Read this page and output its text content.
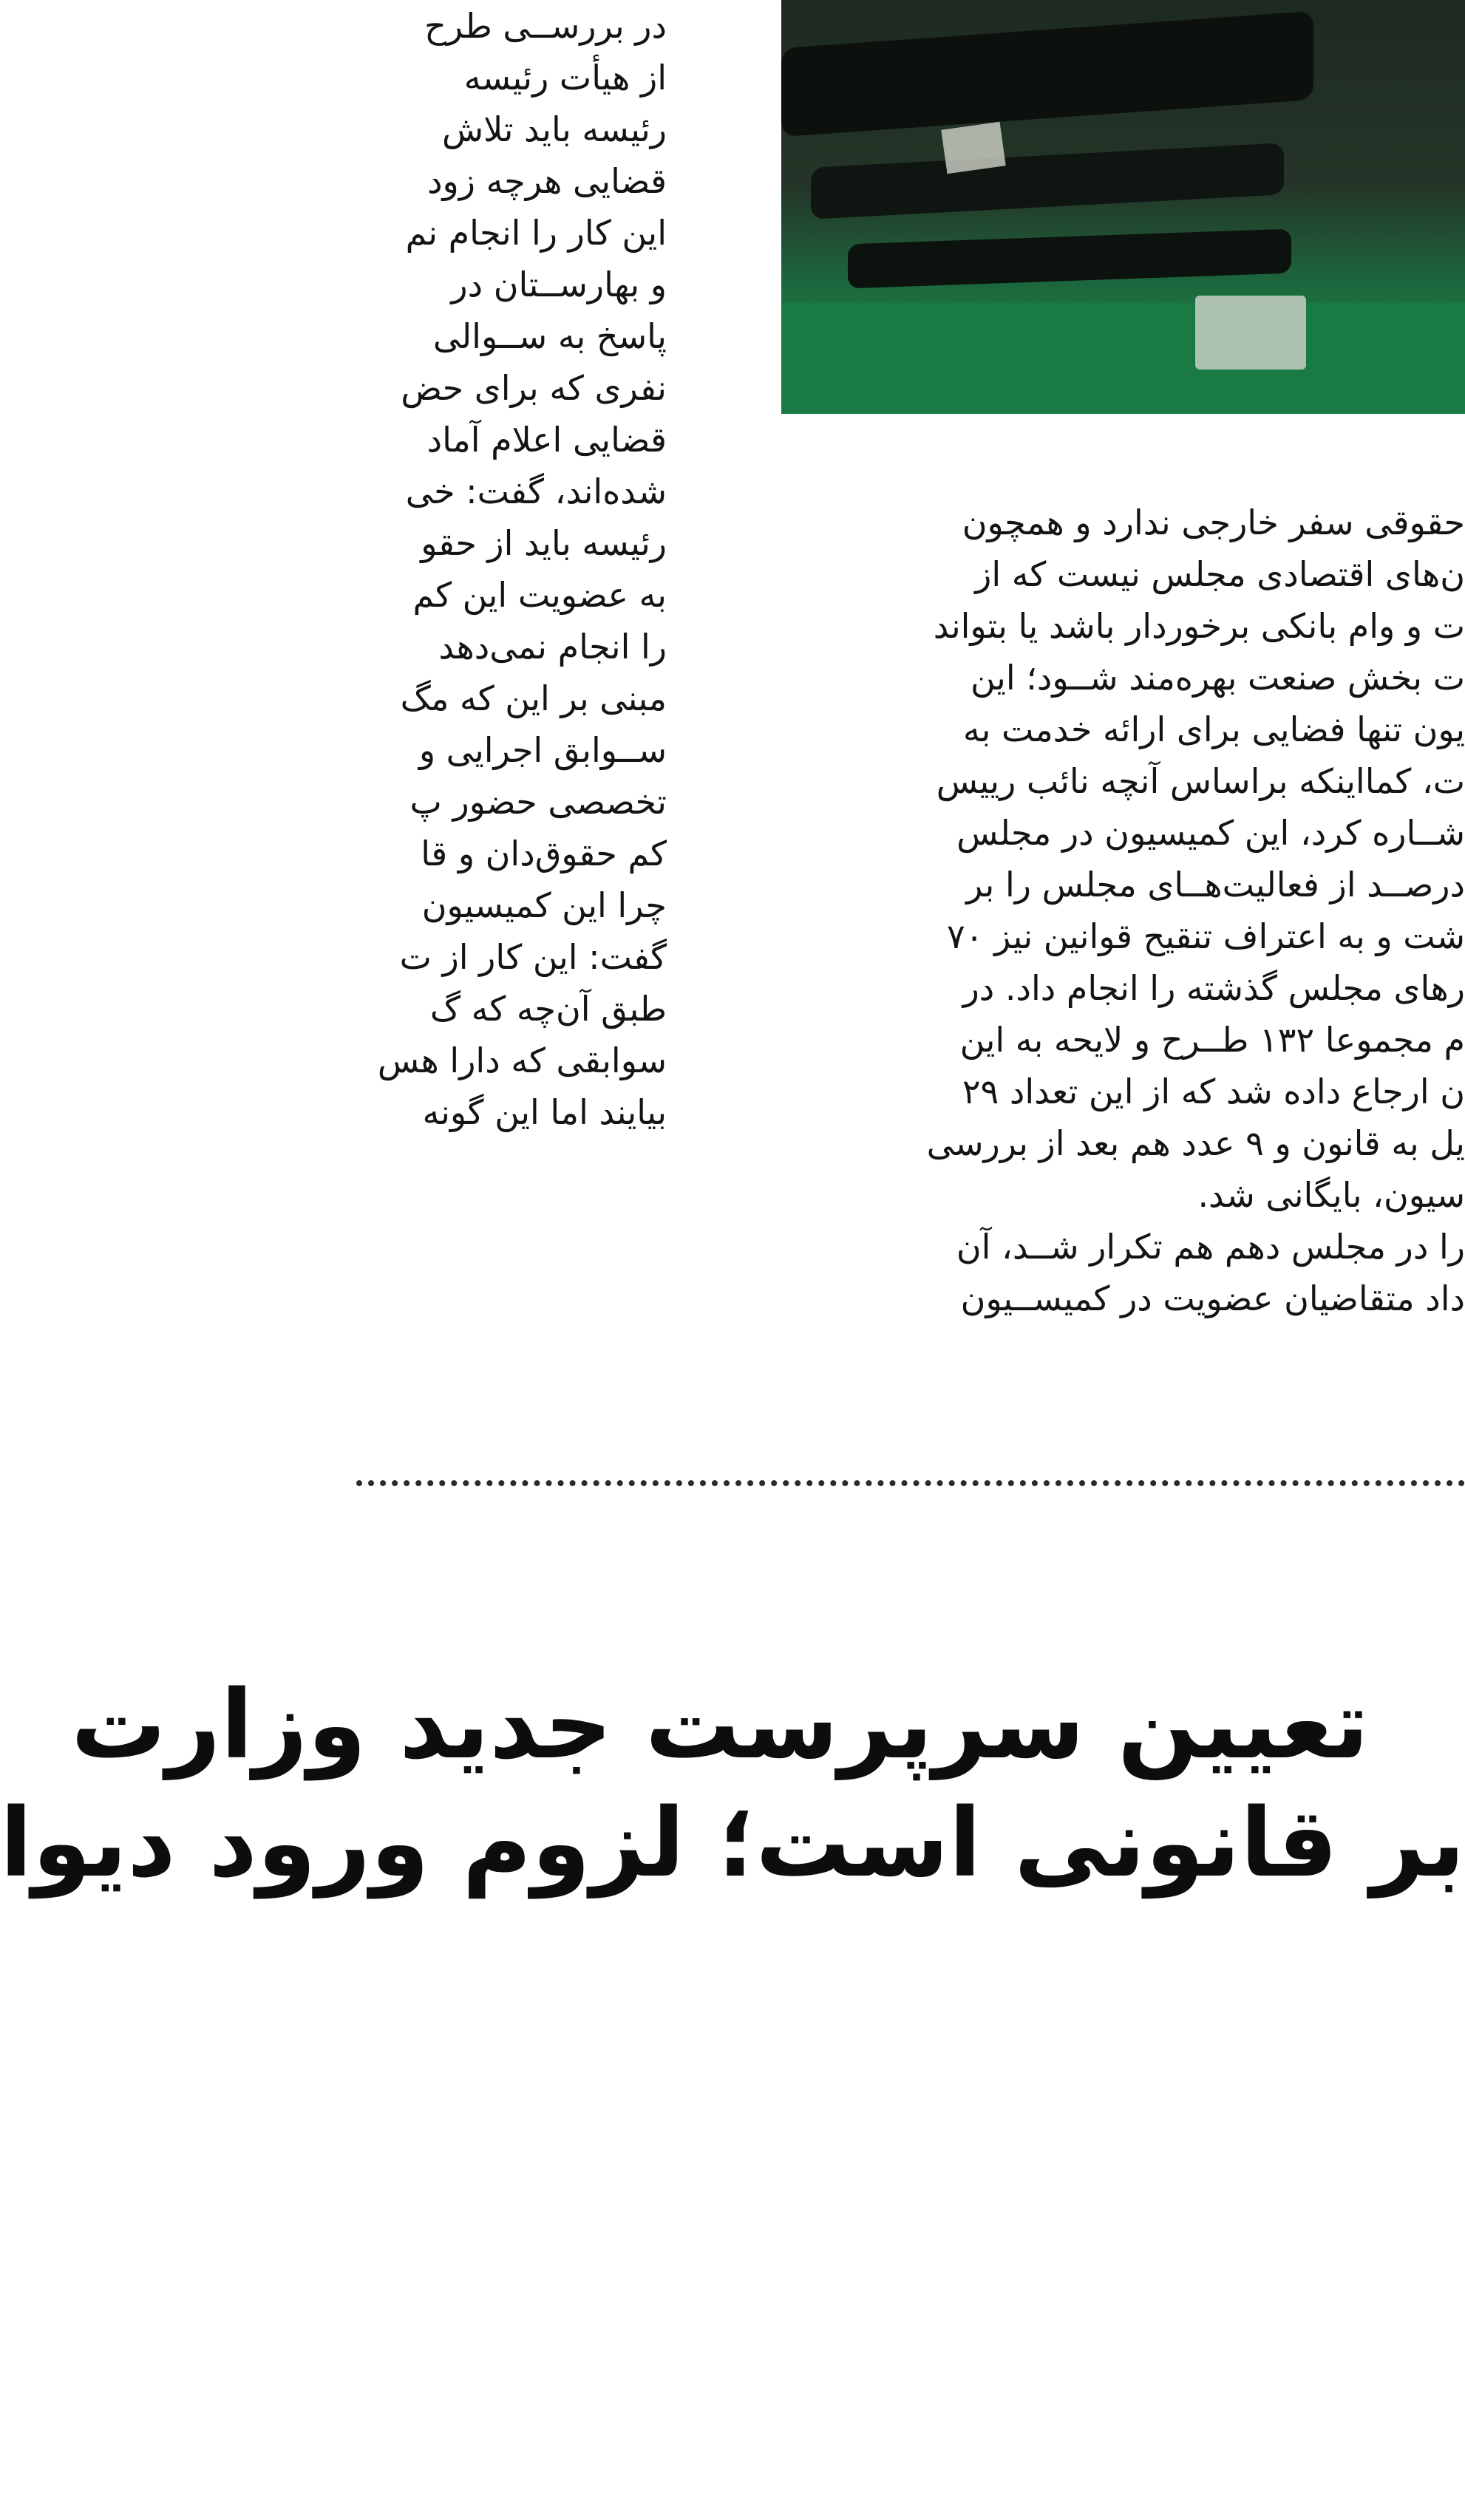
در بررســی طرح
از هیأت رئیسه
رئیسه باید تلاش
قضایی هرچه زود
این کار را انجام نم
و بهارســتان در
پاسخ به ســوالی
نفری که برای حض
قضایی اعلام آماد
شده‌اند، گفت: خی
رئیسه باید از حقو
به عضویت این کم
را انجام نمی‌دهد
مبنی بر این که مگ
ســوابق اجرایی و
تخصصی حضور پ
کم حقوق‌دان و قا
چرا این کمیسیون
گفت: این کار از ت
طبق آن‌چه که گ
سوابقی که دارا هس
بیایند اما این گونه
حقوقی سفر خارجی ندارد و همچون
ن‌های اقتصادی مجلس نیست که از
ت و وام بانکی برخوردار باشد یا بتواند
ت بخش صنعت بهره‌مند شــود؛ این
یون تنها فضایی برای ارائه خدمت به
ت، کمااینکه براساس آنچه نائب رییس
شــاره کرد، این کمیسیون در مجلس
درصــد از فعالیت‌هــای مجلس را بر
شت و به اعتراف تنقیح قوانین نیز ۷۰
رهای مجلس گذشته را انجام داد. در
م مجموعا ۱۳۲ طــرح و لایحه به این
ن ارجاع داده شد که از این تعداد ۲۹
یل به قانون و ۹ عدد هم بعد از بررسی
سیون، بایگانی شد.
را در مجلس دهم هم تکرار شــد، آن
داد متقاضیان عضویت در کمیســیون
تعیین سرپرست جدید وزارت
بر قانونی است؛ لزوم ورود دیوا
